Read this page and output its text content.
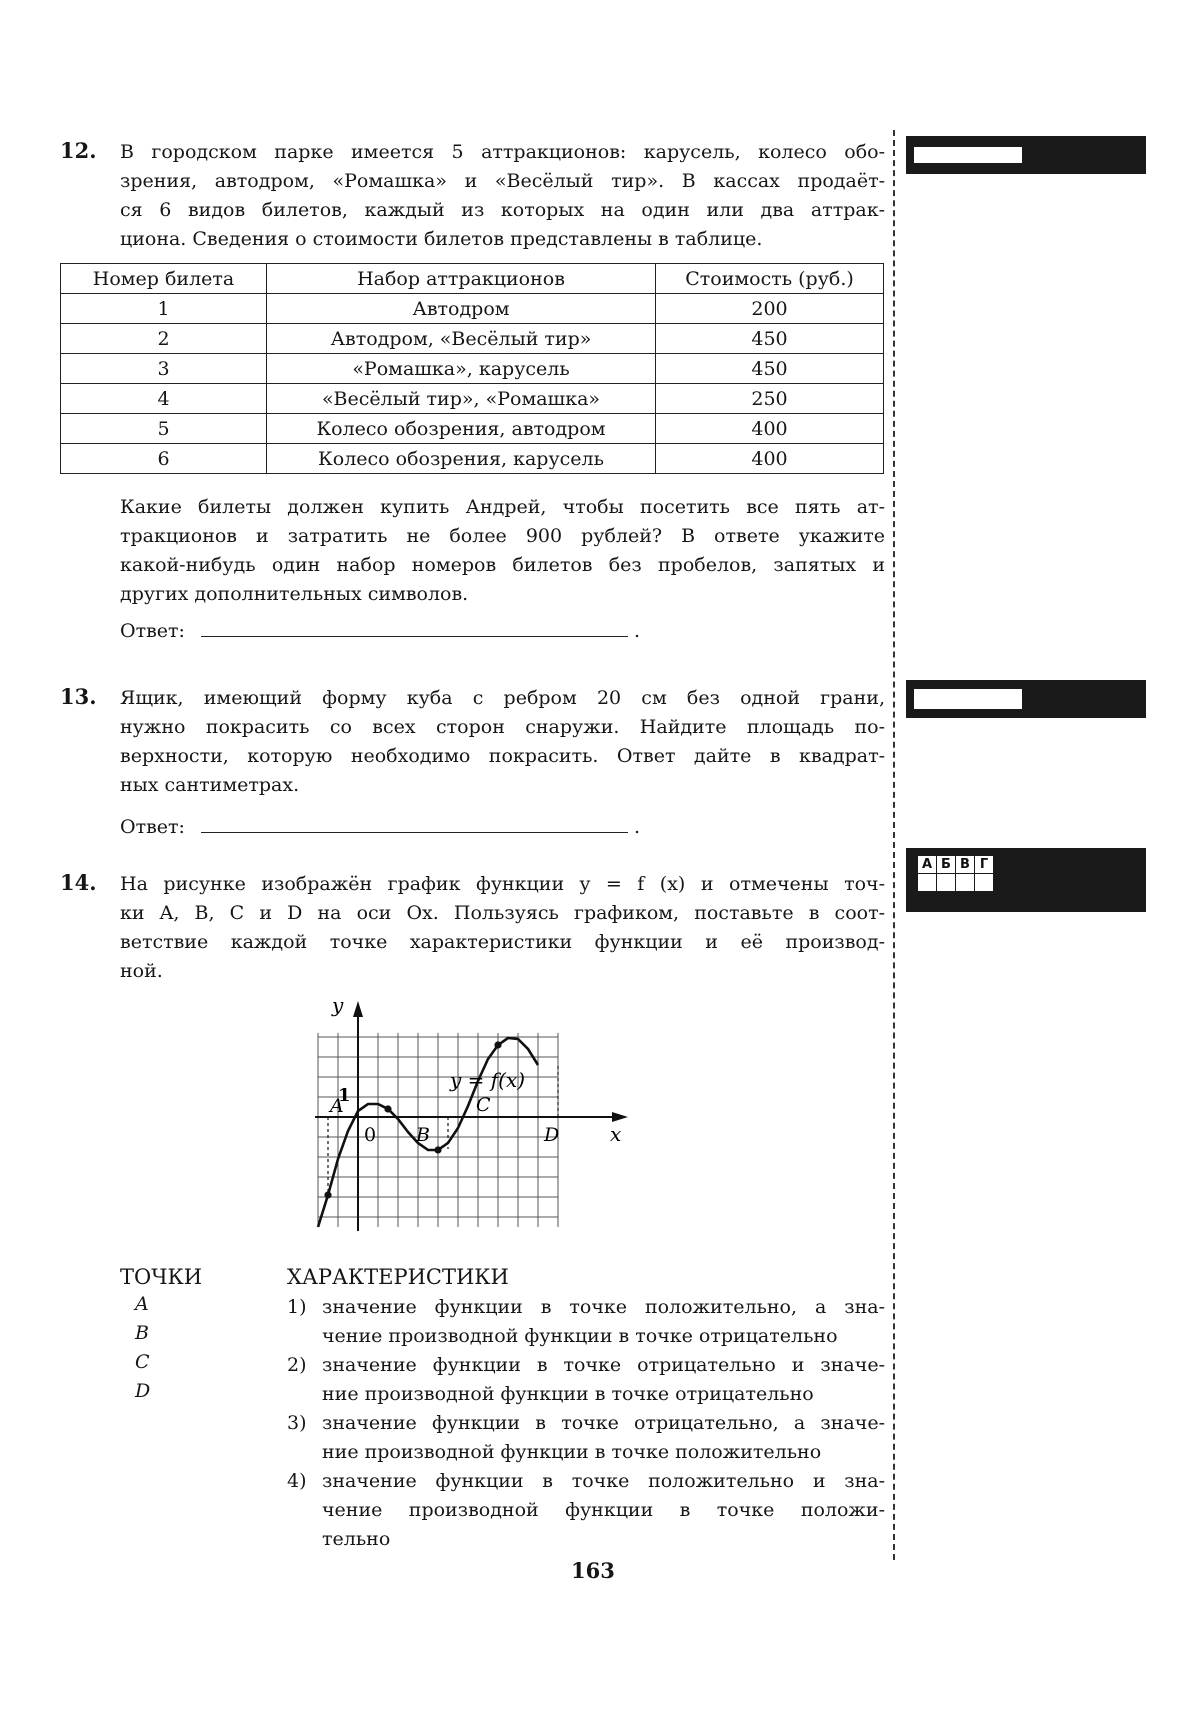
12. В городском парке имеется 5 аттракционов: карусель, колесо обо-
зрения, автодром, «Ромашка» и «Весёлый тир». В кассах продаёт-
ся 6 видов билетов, каждый из которых на один или два аттрак-
циона. Сведения о стоимости билетов представлены в таблице.
Номер билета	Набор аттракционов	Стоимость (руб.)
1	Автодром	200
2	Автодром, «Весёлый тир»	450
3	«Ромашка», карусель	450
4	«Весёлый тир», «Ромашка»	250
5	Колесо обозрения, автодром	400
6	Колесо обозрения, карусель	400
Какие билеты должен купить Андрей, чтобы посетить все пять ат-
тракционов и затратить не более 900 рублей? В ответе укажите
какой-нибудь один набор номеров билетов без пробелов, запятых и
других дополнительных символов.
Ответ:	.
13. Ящик, имеющий форму куба с ребром 20 см без одной грани,
нужно покрасить со всех сторон снаружи. Найдите площадь по-
верхности, которую необходимо покрасить. Ответ дайте в квадрат-
ных сантиметрах.
Ответ:	.
14. На рисунке изображён график функции y = f (x) и отмечены точ-
ки A, B, C и D на оси Ox. Пользуясь графиком, поставьте в соот-
ветствие каждой точке характеристики функции и её производ-
ной.
y
x
1
0
y = f(x)
A
B
C
D
ТОЧКИ	ХАРАКТЕРИСТИКИ
A
B
C
D
1) значение функции в точке положительно, а зна-
чение производной функции в точке отрицательно
2) значение функции в точке отрицательно и значе-
ние производной функции в точке отрицательно
3) значение функции в точке отрицательно, а значе-
ние производной функции в точке положительно
4) значение функции в точке положительно и зна-
чение производной функции в точке положи-
тельно
А	Б	В	Г

163
